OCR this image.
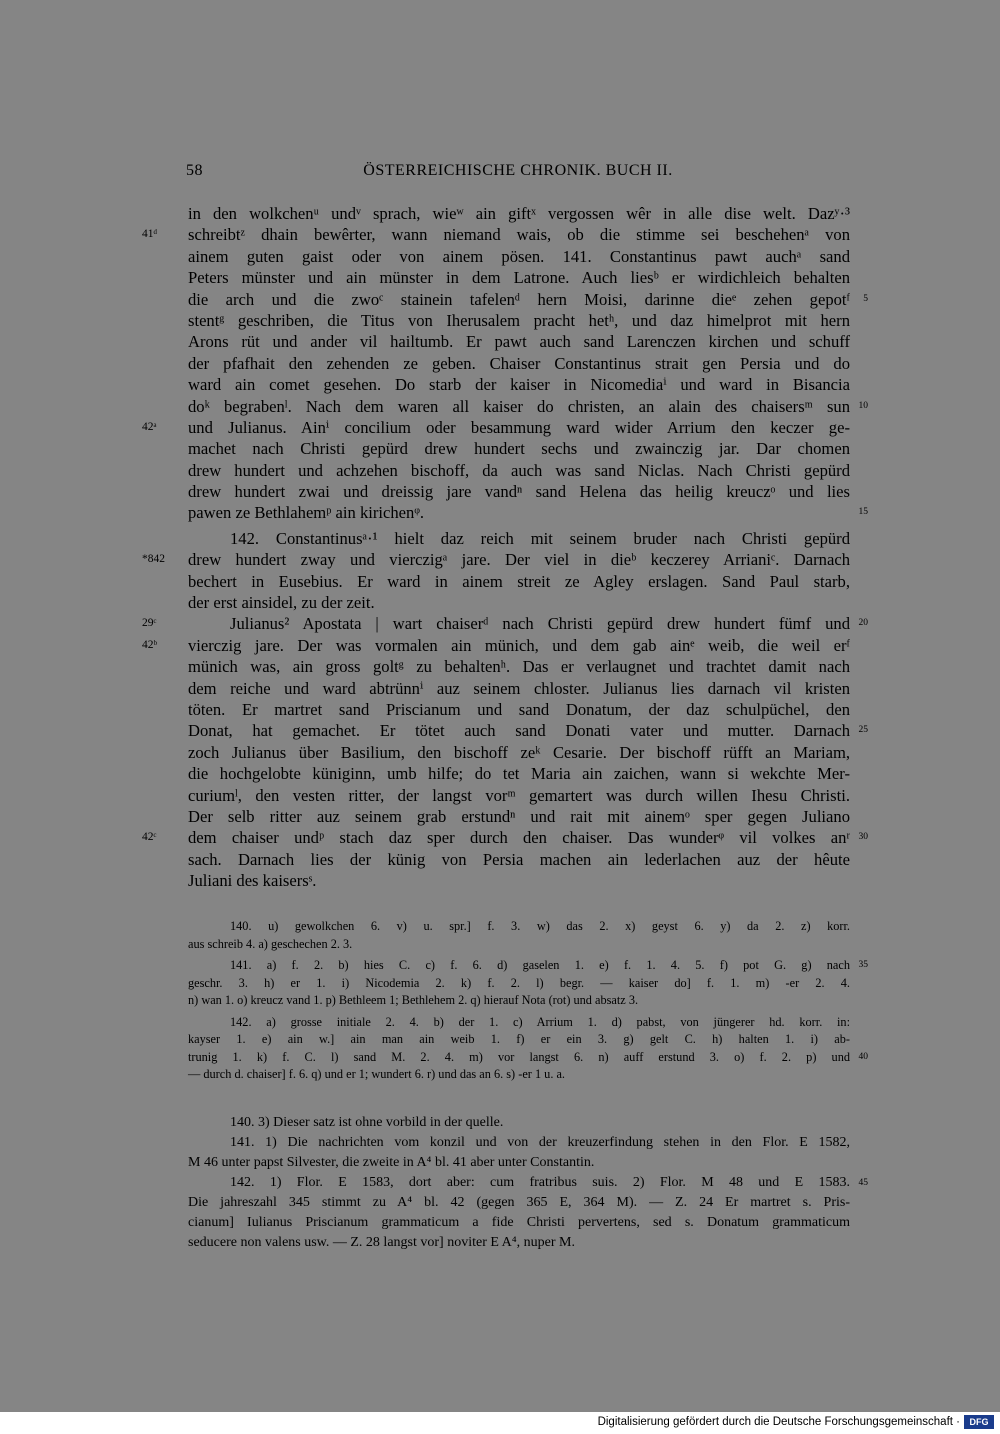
58	ÖSTERREICHISCHE CHRONIK. BUCH II.
in den wolkchenᵘ undᵛ sprach, wieʷ ain giftˣ vergossen wêr in alle dise welt. Dazʸ·³
schreibtᶻ dhain bewêrter, wann niemand wais, ob die stimme sei beschehenᵃ von
41ᵈ
ainem guten gaist oder von ainem pösen. 141. Constantinus pawt auchᵃ sand
Peters münster und ain münster in dem Latrone. Auch liesᵇ er wirdichleich behalten
die arch und die zwoᶜ stainein tafelenᵈ hern Moisi, darinne dieᵉ zehen gepotᶠ 5
stentᵍ geschriben, die Titus von Iherusalem pracht hetʰ, und daz himelprot mit hern
Arons rüt und ander vil hailtumb. Er pawt auch sand Larenczen kirchen und schuff
der pfafhait den zehenden ze geben. Chaiser Constantinus strait gen Persia und do
ward ain comet gesehen. Do starb der kaiser in Nicomediaⁱ und ward in Bisancia
doᵏ begrabenˡ. Nach dem waren all kaiser do christen, an alain des chaisersᵐ sun 10
und Julianus. Ainⁱ concilium oder besammung ward wider Arrium den keczer ge-
42ᵃ
machet nach Christi gepürd drew hundert sechs und zwainczig jar. Dar chomen
drew hundert und achzehen bischoff, da auch was sand Niclas. Nach Christi gepürd
drew hundert zwai und dreissig jare vandⁿ sand Helena das heilig kreuczᵒ und lies
pawen ze Bethlahemᵖ ain kirichenᵠ.	15
142. Constantinusᵃ·¹ hielt daz reich mit seinem bruder nach Christi gepürd
drew hundert zway und vierczigᵃ jare. Der viel in dieᵇ keczerey Arrianiᶜ. Darnach
*842
bechert in Eusebius. Er ward in ainem streit ze Agley erslagen. Sand Paul starb,
der erst ainsidel, zu der zeit.
Julianus² Apostata | wart chaiserᵈ nach Christi gepürd drew hundert fümf und
29ᶜ	20
vierczig jare. Der was vormalen ain münich, und dem gab ainᵉ weib, die weil erᶠ
42ᵇ
münich was, ain gross goltᵍ zu behaltenʰ. Das er verlaugnet und trachtet damit nach
dem reiche und ward abtrünnⁱ auz seinem chloster. Julianus lies darnach vil kristen
töten. Er martret sand Priscianum und sand Donatum, der daz schulpüchel, den
Donat, hat gemachet. Er tötet auch sand Donati vater und mutter. Darnach 25
zoch Julianus über Basilium, den bischoff zeᵏ Cesarie. Der bischoff rüfft an Mariam,
die hochgelobte küniginn, umb hilfe; do tet Maria ain zaichen, wann si wekchte Mer-
curiumˡ, den vesten ritter, der langst vorᵐ gemartert was durch willen Ihesu Christi.
Der selb ritter auz seinem grab erstundⁿ und rait mit ainemᵒ sper gegen Juliano
dem chaiser undᵖ stach daz sper durch den chaiser. Das wunderᵠ vil volkes anʳ
42ᶜ	30
sach. Darnach lies der künig von Persia machen ain lederlachen auz der hêute
Juliani des kaisersˢ.
140. u) gewolkchen 6. v) u. spr.] f. 3. w) das 2. x) geyst 6. y) da 2. z) korr.
aus schreib 4. a) geschechen 2. 3.
141. a) f. 2. b) hies C. c) f. 6. d) gaselen 1. e) f. 1. 4. 5. f) pot G. g) nach 35
geschr. 3. h) er 1. i) Nicodemia 2. k) f. 2. l) begr. — kaiser do] f. 1. m) -er 2. 4.
n) wan 1. o) kreucz vand 1. p) Bethleem 1; Bethlehem 2. q) hierauf Nota (rot) und absatz 3.
142. a) grosse initiale 2. 4. b) der 1. c) Arrium 1. d) pabst, von jüngerer hd. korr. in:
kayser 1. e) ain w.] ain man ain weib 1. f) er ein 3. g) gelt C. h) halten 1. i) ab-
trunig 1. k) f. C. l) sand M. 2. 4. m) vor langst 6. n) auff erstund 3. o) f. 2. p) und 40
— durch d. chaiser] f. 6. q) und er 1; wundert 6. r) und das an 6. s) -er 1 u. a.
140. 3) Dieser satz ist ohne vorbild in der quelle.
141. 1) Die nachrichten vom konzil und von der kreuzerfindung stehen in den Flor. E 1582,
M 46 unter papst Silvester, die zweite in A⁴ bl. 41 aber unter Constantin.
142. 1) Flor. E 1583, dort aber: cum fratribus suis. 2) Flor. M 48 und E 1583. 45
Die jahreszahl 345 stimmt zu A⁴ bl. 42 (gegen 365 E, 364 M). — Z. 24 Er martret s. Pris-
cianum] Iulianus Priscianum grammaticum a fide Christi pervertens, sed s. Donatum grammaticum
seducere non valens usw. — Z. 28 langst vor] noviter E A⁴, nuper M.
Digitalisierung gefördert durch die Deutsche Forschungsgemeinschaft ·	DFG
